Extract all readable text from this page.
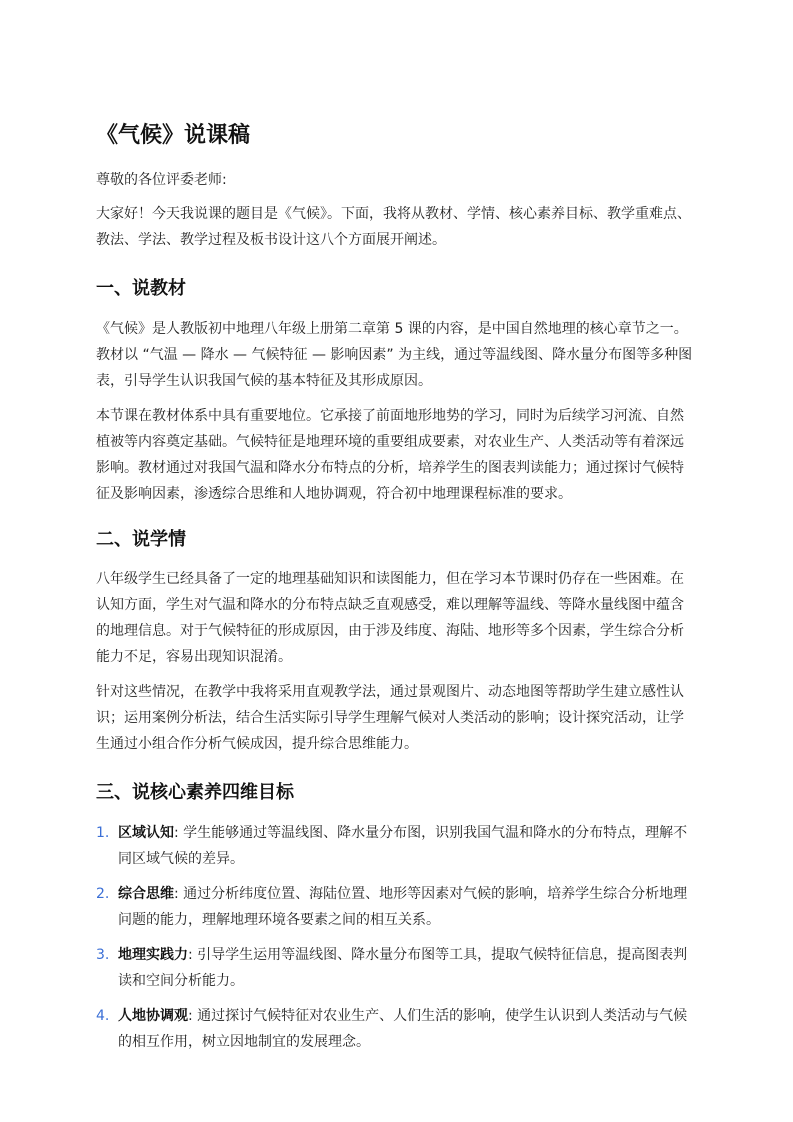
《气候》说课稿

尊敬的各位评委老师:

大家好！今天我说课的题目是《气候》。下面，我将从教材、学情、核心素养目标、教学重难点、教法、学法、教学过程及板书设计这八个方面展开阐述。

一、说教材

《气候》是人教版初中地理八年级上册第二章第 5 课的内容，是中国自然地理的核心章节之一。教材以 “气温 — 降水 — 气候特征 — 影响因素” 为主线，通过等温线图、降水量分布图等多种图表，引导学生认识我国气候的基本特征及其形成原因。

本节课在教材体系中具有重要地位。它承接了前面地形地势的学习，同时为后续学习河流、自然植被等内容奠定基础。气候特征是地理环境的重要组成要素，对农业生产、人类活动等有着深远影响。教材通过对我国气温和降水分布特点的分析，培养学生的图表判读能力；通过探讨气候特征及影响因素，渗透综合思维和人地协调观，符合初中地理课程标准的要求。

二、说学情

八年级学生已经具备了一定的地理基础知识和读图能力，但在学习本节课时仍存在一些困难。在认知方面，学生对气温和降水的分布特点缺乏直观感受，难以理解等温线、等降水量线图中蕴含的地理信息。对于气候特征的形成原因，由于涉及纬度、海陆、地形等多个因素，学生综合分析能力不足，容易出现知识混淆。

针对这些情况，在教学中我将采用直观教学法，通过景观图片、动态地图等帮助学生建立感性认识；运用案例分析法，结合生活实际引导学生理解气候对人类活动的影响；设计探究活动，让学生通过小组合作分析气候成因，提升综合思维能力。

三、说核心素养四维目标
1. 区域认知: 学生能够通过等温线图、降水量分布图，识别我国气温和降水的分布特点，理解不同区域气候的差异。
2. 综合思维: 通过分析纬度位置、海陆位置、地形等因素对气候的影响，培养学生综合分析地理问题的能力，理解地理环境各要素之间的相互关系。
3. 地理实践力: 引导学生运用等温线图、降水量分布图等工具，提取气候特征信息，提高图表判读和空间分析能力。
4. 人地协调观: 通过探讨气候特征对农业生产、人们生活的影响，使学生认识到人类活动与气候的相互作用，树立因地制宜的发展理念。
